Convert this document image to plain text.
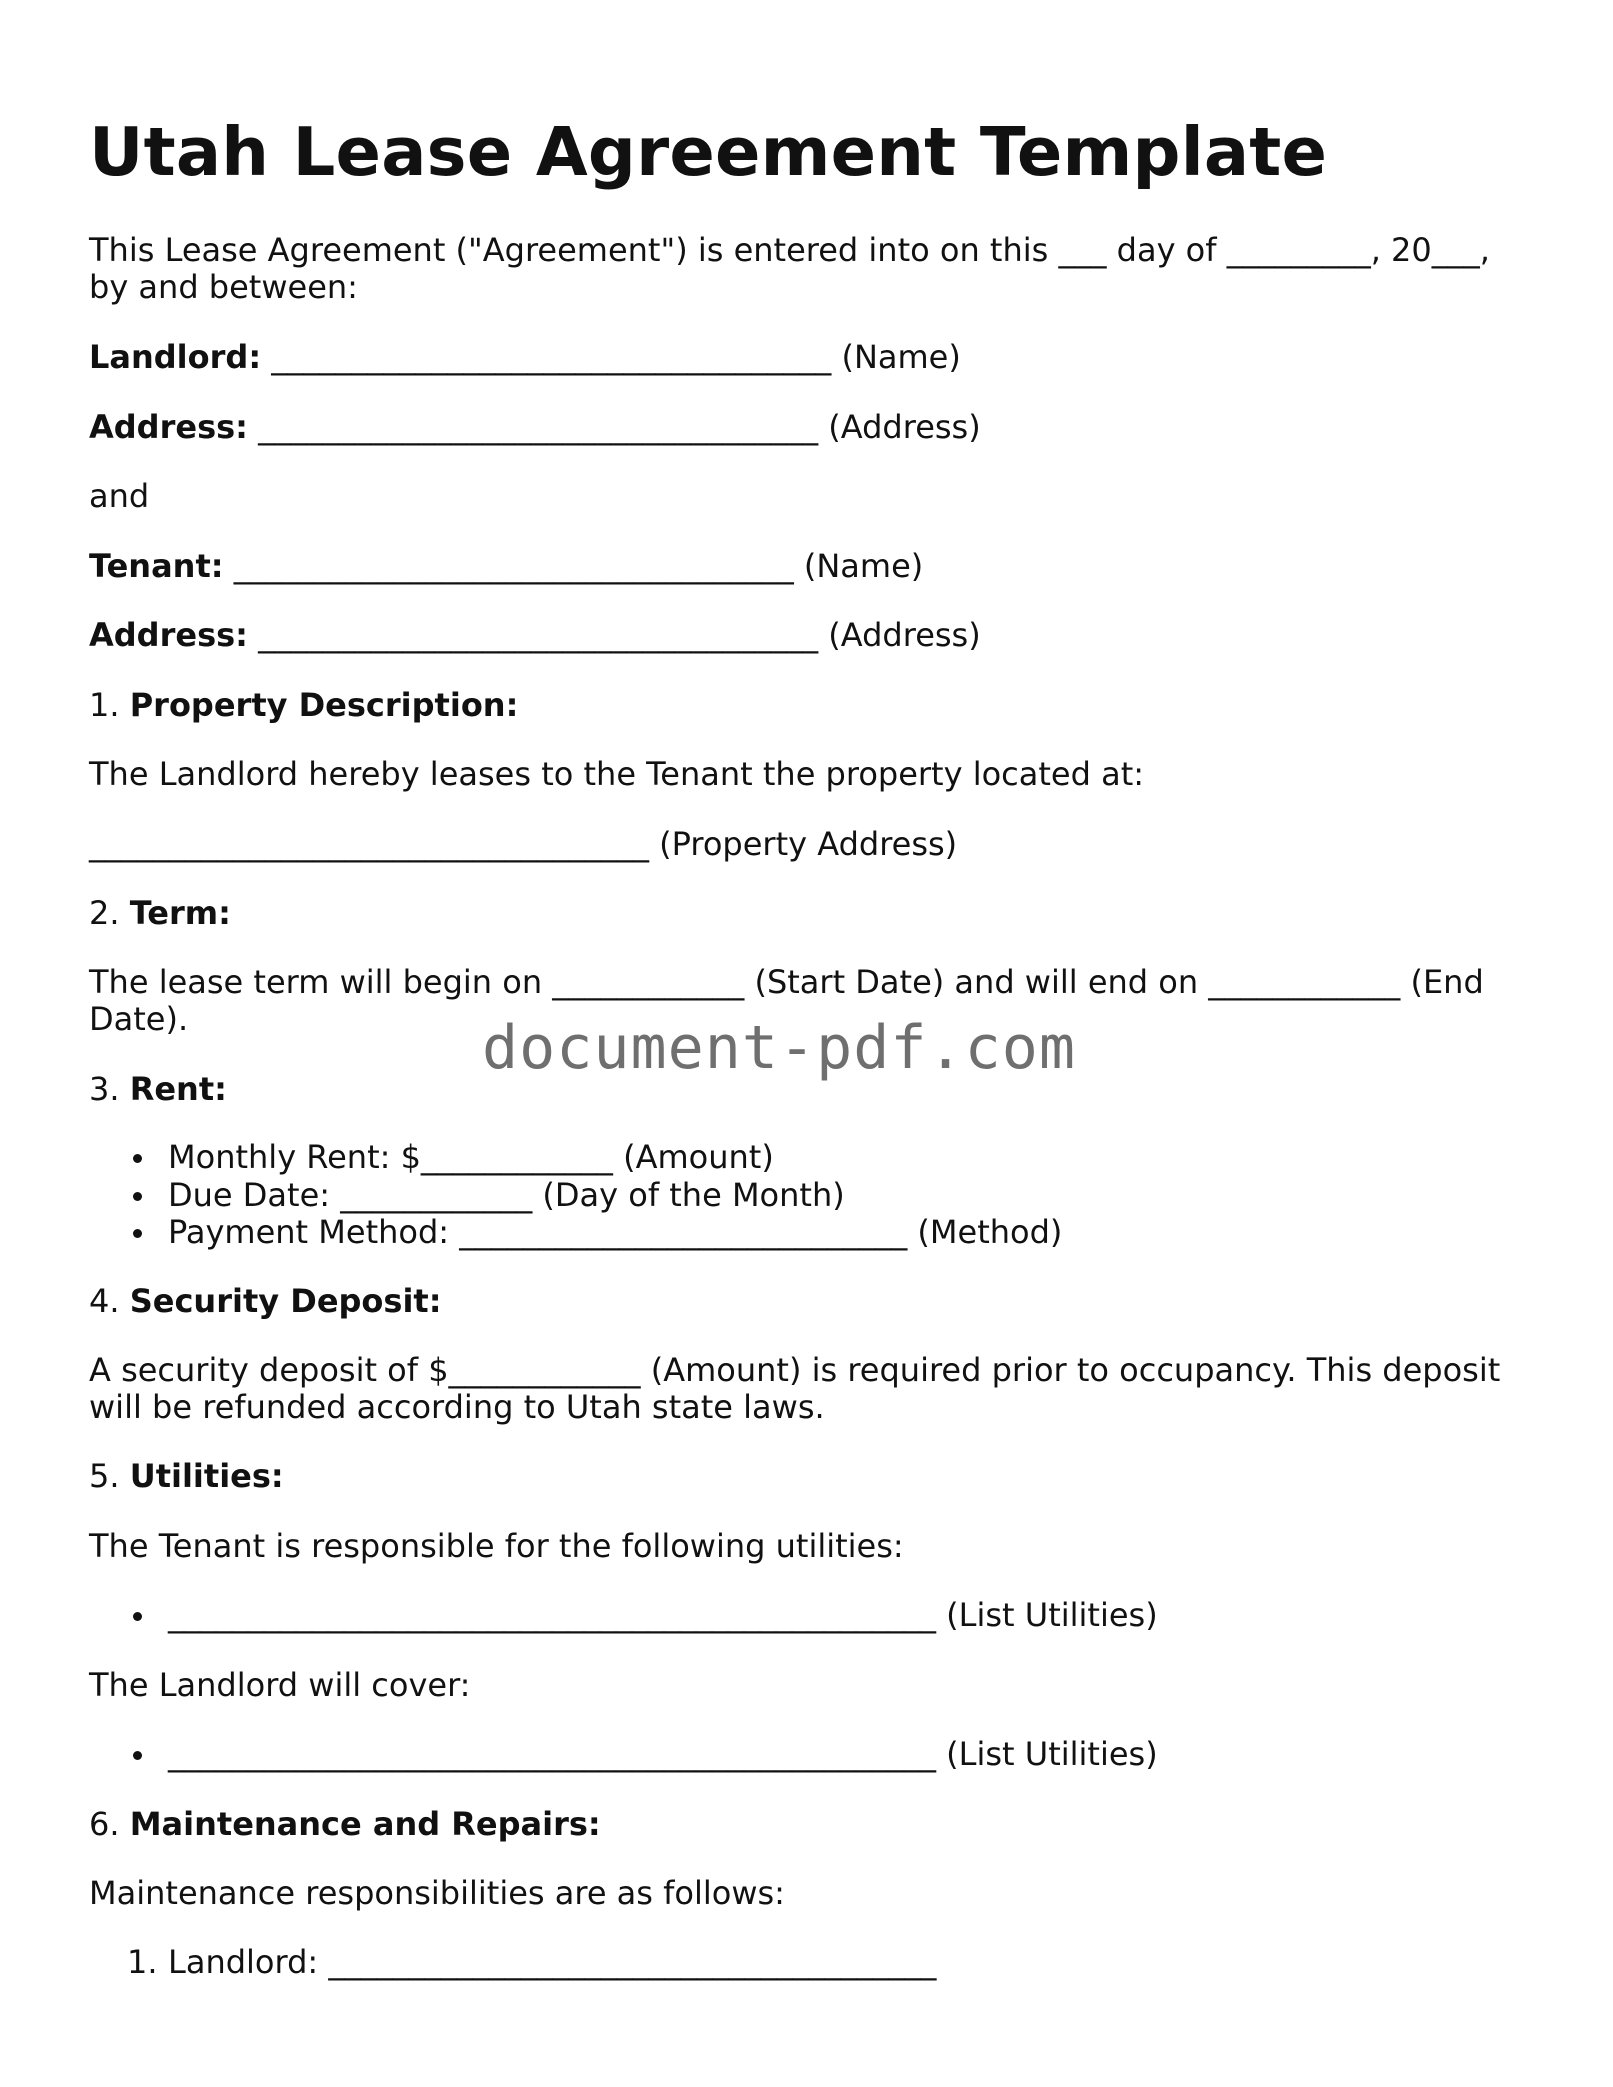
Utah Lease Agreement Template
This Lease Agreement ("Agreement") is entered into on this ___ day of _________, 20___, by and between:
Landlord: ___________________________________ (Name)
Address: ___________________________________ (Address)
and
Tenant: ___________________________________ (Name)
Address: ___________________________________ (Address)
1. Property Description:
The Landlord hereby leases to the Tenant the property located at:
___________________________________ (Property Address)
2. Term:
The lease term will begin on ____________ (Start Date) and will end on ____________ (End Date).
3. Rent:
Monthly Rent: $____________ (Amount)
Due Date: ____________ (Day of the Month)
Payment Method: ____________________________ (Method)
4. Security Deposit:
A security deposit of $____________ (Amount) is required prior to occupancy. This deposit will be refunded according to Utah state laws.
5. Utilities:
The Tenant is responsible for the following utilities:
________________________________________________ (List Utilities)
The Landlord will cover:
________________________________________________ (List Utilities)
6. Maintenance and Repairs:
Maintenance responsibilities are as follows:
1. Landlord: ______________________________________
document-pdf.com
